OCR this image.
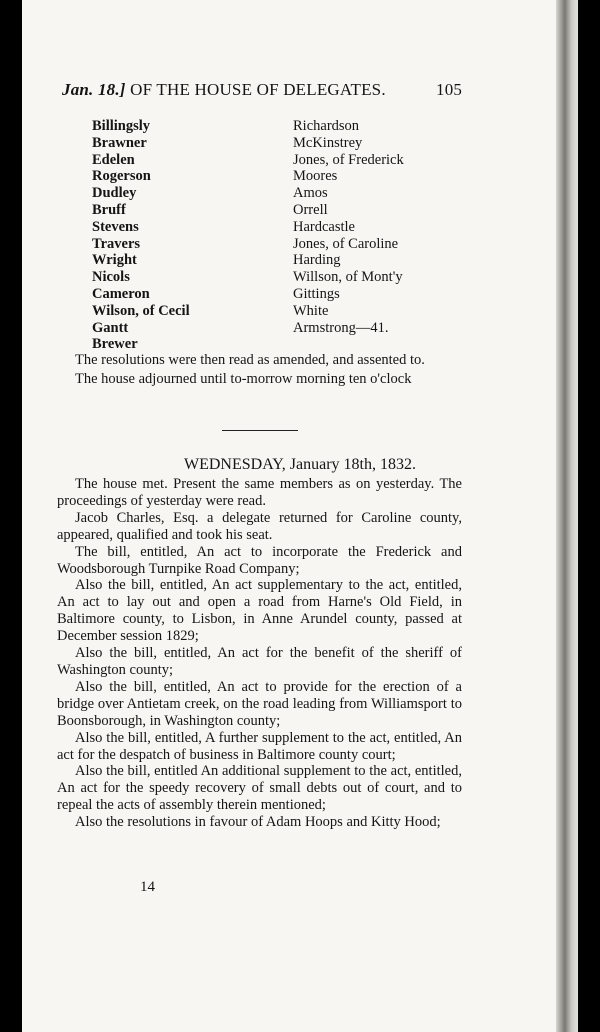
Jan. 18.] OF THE HOUSE OF DELEGATES.	105
Billingsly
Brawner
Edelen
Rogerson
Dudley
Bruff
Stevens
Travers
Wright
Nicols
Cameron
Wilson, of Cecil
Gantt
Brewer
Richardson
McKinstrey
Jones, of Frederick
Moores
Amos
Orrell
Hardcastle
Jones, of Caroline
Harding
Willson, of Mont'y
Gittings
White
Armstrong—41.

The resolutions were then read as amended, and assented to.

The house adjourned until to-morrow morning ten o'clock

WEDNESDAY, January 18th, 1832.

The house met. Present the same members as on yesterday. The proceedings of yesterday were read.

Jacob Charles, Esq. a delegate returned for Caroline county, appeared, qualified and took his seat.

The bill, entitled, An act to incorporate the Frederick and Woodsborough Turnpike Road Company;

Also the bill, entitled, An act supplementary to the act, entitled, An act to lay out and open a road from Harne's Old Field, in Baltimore county, to Lisbon, in Anne Arundel county, passed at December session 1829;

Also the bill, entitled, An act for the benefit of the sheriff of Washington county;

Also the bill, entitled, An act to provide for the erection of a bridge over Antietam creek, on the road leading from Williamsport to Boonsborough, in Washington county;

Also the bill, entitled, A further supplement to the act, entitled, An act for the despatch of business in Baltimore county court;

Also the bill, entitled An additional supplement to the act, entitled, An act for the speedy recovery of small debts out of court, and to repeal the acts of assembly therein mentioned;

Also the resolutions in favour of Adam Hoops and Kitty Hood;

14
